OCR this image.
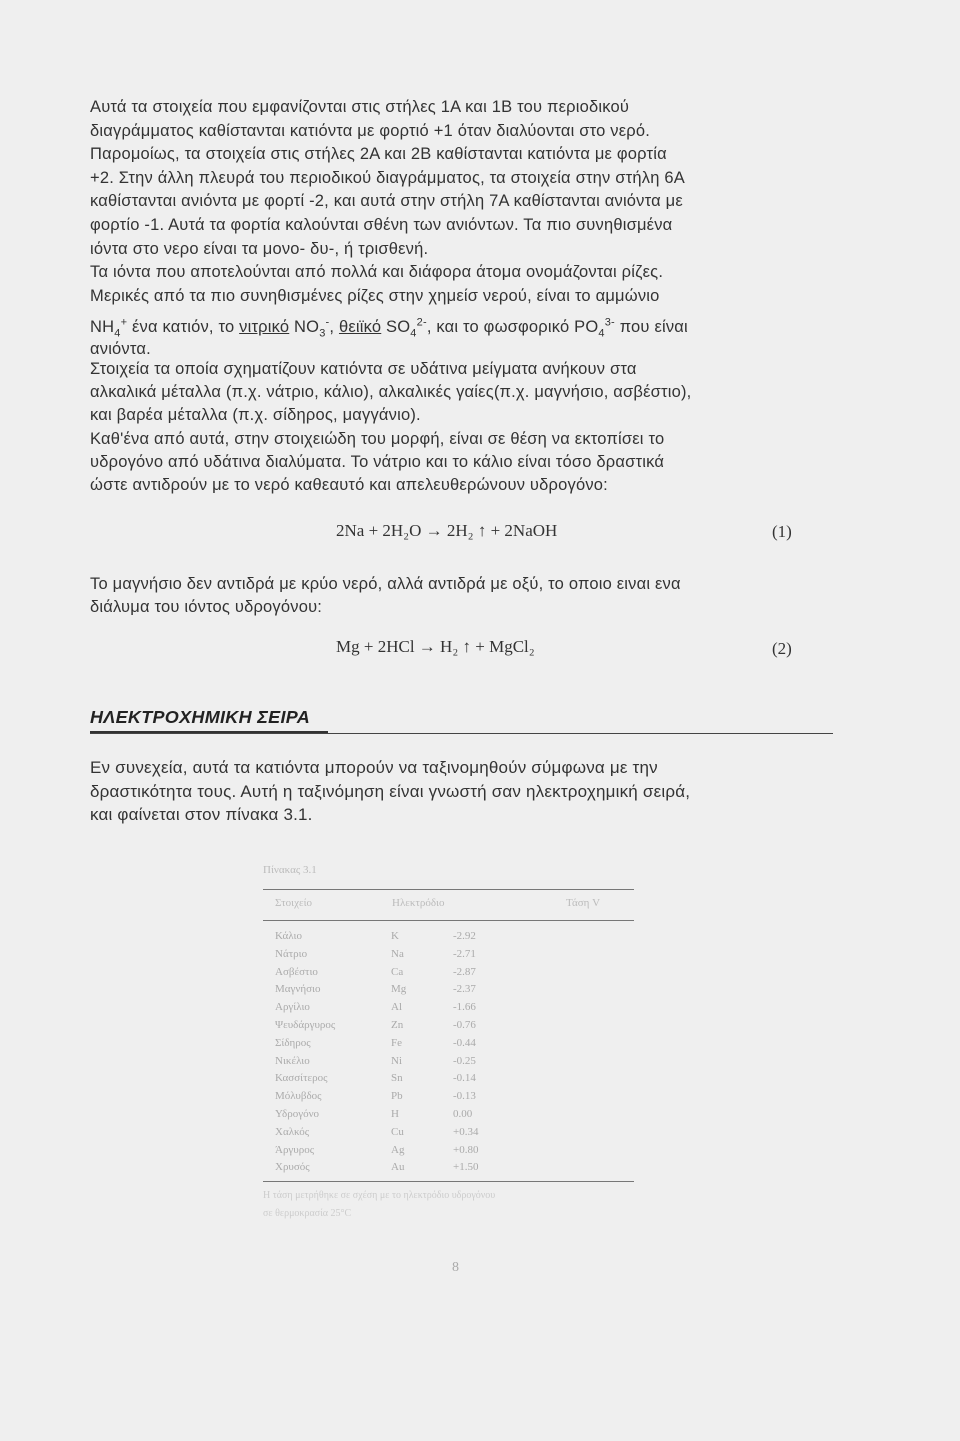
Αυτά τα στοιχεία που εμφανίζονται στις στήλες 1Α και 1Β του περιοδικού
διαγράμματος καθίστανται κατιόντα με φορτιό +1 όταν διαλύονται στο νερό.
Παρομοίως, τα στοιχεία στις στήλες 2Α και 2Β καθίστανται κατιόντα με φορτία
+2. Στην άλλη πλευρά του περιοδικού διαγράμματος, τα στοιχεία στην στήλη 6Α
καθίστανται ανιόντα με φορτί -2, και αυτά στην στήλη 7Α καθίστανται ανιόντα με
φορτίο -1. Αυτά τα φορτία καλούνται σθένη των ανιόντων. Τα πιο συνηθισμένα
ιόντα στο νερο είναι τα μονο- δυ-, ή τρισθενή.
Τα ιόντα που αποτελούνται από πολλά και διάφορα άτομα ονομάζονται ρίζες.
Μερικές από τα πιο συνηθισμένες ρίζες στην χημείσ νερού, είναι το αμμώνιο
$NH_4^+$ ένα κατιόν, το νιτρικό $NO_3^-$, θειϊκό $SO_4^{2-}$, και το φωσφορικό $PO_4^{3-}$ που είναι
ανιόντα.
Στοιχεία τα οποία σχηματίζουν κατιόντα σε υδάτινα μείγματα ανήκουν στα
αλκαλικά μέταλλα (π.χ. νάτριο, κάλιο), αλκαλικές γαίες(π.χ. μαγνήσιο, ασβέστιο),
και βαρέα μέταλλα (π.χ. σίδηρος, μαγγάνιο).
Καθ'ένα από αυτά, στην στοιχειώδη του μορφή, είναι σε θέση να εκτοπίσει το
υδρογόνο από υδάτινα διαλύματα. Το νάτριο και το κάλιο είναι τόσο δραστικά
ώστε αντιδρούν με το νερό καθεαυτό και απελευθερώνουν υδρογόνο:
2Na + 2H₂O → 2H₂ ↑ + 2NaOH	(1)
Το μαγνήσιο δεν αντιδρά με κρύο νερό, αλλά αντιδρά με οξύ, το οποιο ειναι ενα
διάλυμα του ιόντος υδρογόνου:
Mg + 2HCl → H₂ ↑ + MgCl₂	(2)
ΗΛΕΚΤΡΟΧΗΜΙΚΗ ΣΕΙΡΑ
Εν συνεχεία, αυτά τα κατιόντα μπορούν να ταξινομηθούν σύμφωνα με την
δραστικότητα τους. Αυτή η ταξινόμηση είναι γνωστή σαν ηλεκτροχημική σειρά,
και φαίνεται στον πίνακα 3.1.
Πίνακας 3.1
Στοιχείο	Ηλεκτρόδιο	Τάση V
Κάλιο	K	-2.92
Νάτριο	Na	-2.71
Ασβέστιο	Ca	-2.87
Μαγνήσιο	Mg	-2.37
Αργίλιο	Al	-1.66
Ψευδάργυρος	Zn	-0.76
Σίδηρος	Fe	-0.44
Νικέλιο	Ni	-0.25
Κασσίτερος	Sn	-0.14
Μόλυβδος	Pb	-0.13
Υδρογόνο	H	0.00
Χαλκός	Cu	+0.34
Άργυρος	Ag	+0.80
Χρυσός	Au	+1.50
Η τάση μετρήθηκε σε σχέση με το ηλεκτρόδιο υδρογόνου
σε θερμοκρασία 25°C
8
